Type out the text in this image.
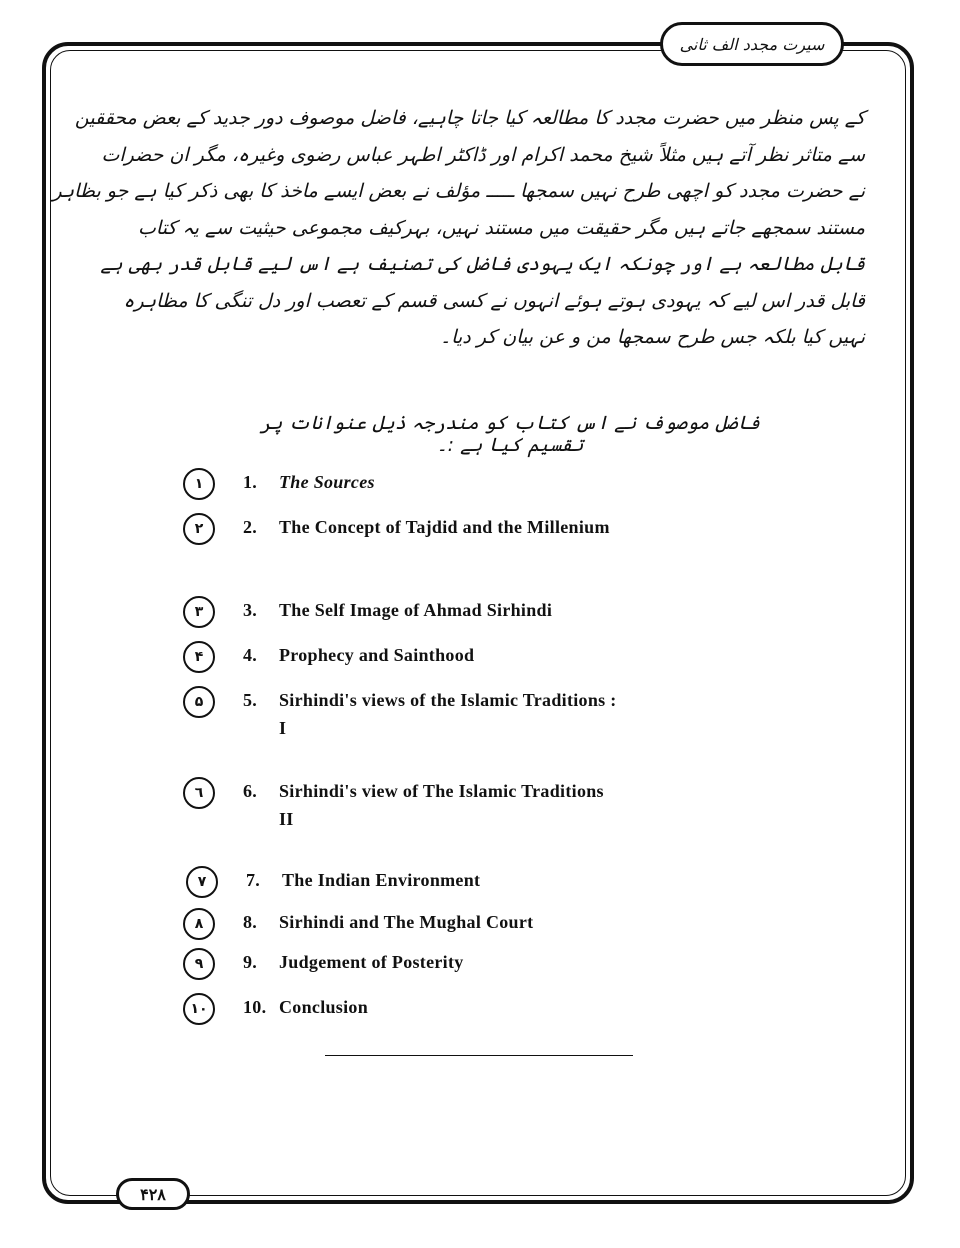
سیرت مجدد الف ثانی
کے پس منظر میں حضرت مجدد کا مطالعہ کیا جاتا چاہیے، فاضل موصوف دور جدید کے بعض محققین
سے متاثر نظر آتے ہیں مثلاً شیخ محمد اکرام اور ڈاکٹر اطہر عباس رضوی وغیرہ، مگر ان حضرات
نے حضرت مجدد کو اچھی طرح نہیں سمجھا ـــــ مؤلف نے بعض ایسے ماخذ کا بھی ذکر کیا ہے جو بظاہر
مستند سمجھے جاتے ہیں مگر حقیقت میں مستند نہیں، بہرکیف مجموعی حیثیت سے یہ کتاب
قابل مطالعہ ہے اور چونکہ ایک یہودی فاضل کی تصنیف ہے اس لیے قابل قدر بھی ہے
قابل قدر اس لیے کہ یہودی ہوتے ہوئے انہوں نے کسی قسم کے تعصب اور دل تنگی کا مظاہرہ
نہیں کیا بلکہ جس طرح سمجھا من و عن بیان کر دیا۔
فاضل موصوف نے اس کتاب کو مندرجہ ذیل عنوانات پر تقسیم کیا ہے :۔
١	1. The Sources
٢	2. The Concept of Tajdid and the Millenium
٣	3. The Self Image of Ahmad Sirhindi
۴	4. Prophecy and Sainthood
۵	5. Sirhindi's views of the Islamic Traditions :
I
٦	6. Sirhindi's view of The Islamic Traditions
II
٧	7. The Indian Environment
٨	8. Sirhindi and The Mughal Court
٩	9. Judgement of Posterity
١٠	10. Conclusion
۴۲۸
